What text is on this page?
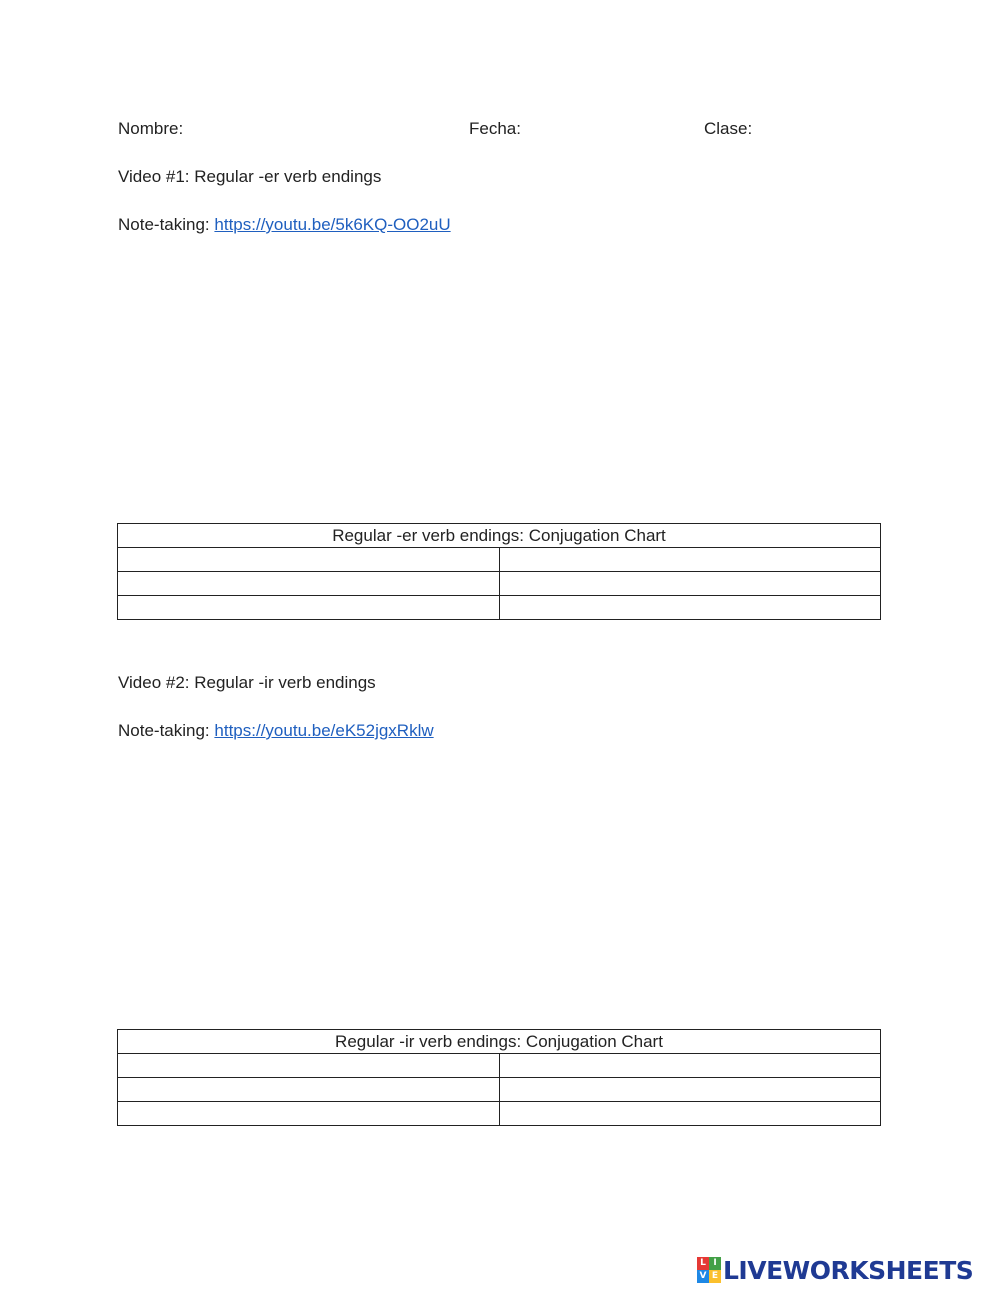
Nombre:	Fecha:	Clase:
Video #1: Regular -er verb endings
Note-taking: https://youtu.be/5k6KQ-OO2uU
Regular -er verb endings: Conjugation Chart	

Video #2: Regular -ir verb endings
Note-taking: https://youtu.be/eK52jgxRklw
Regular -ir verb endings: Conjugation Chart	

L I
V E LIVEWORKSHEETS
